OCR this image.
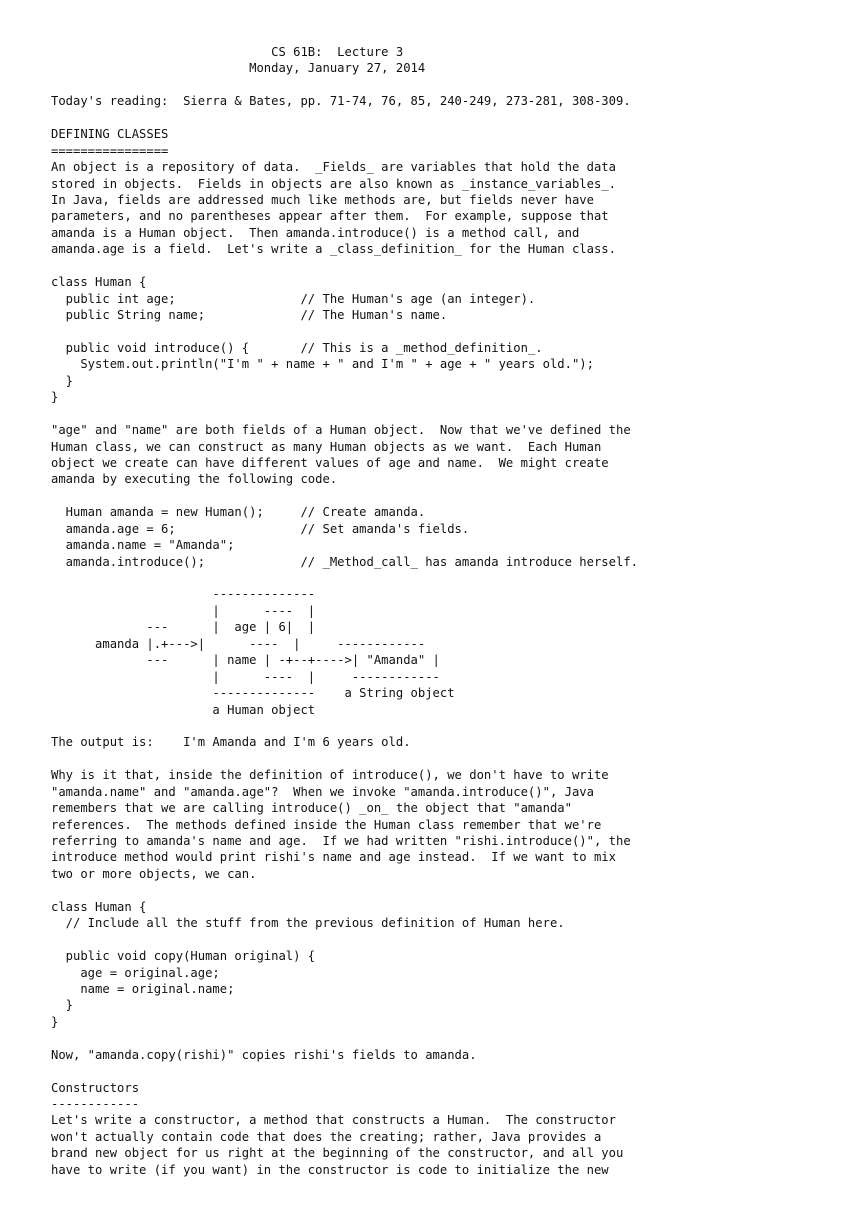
CS 61B:  Lecture 3
Monday, January 27, 2014
Today's reading:  Sierra & Bates, pp. 71-74, 76, 85, 240-249, 273-281, 308-309.
DEFINING CLASSES
================
An object is a repository of data.  _Fields_ are variables that hold the data
stored in objects.  Fields in objects are also known as _instance_variables_.
In Java, fields are addressed much like methods are, but fields never have
parameters, and no parentheses appear after them.  For example, suppose that
amanda is a Human object.  Then amanda.introduce() is a method call, and
amanda.age is a field.  Let's write a _class_definition_ for the Human class.
class Human {
public int age;                 // The Human's age (an integer).
public String name;             // The Human's name.
public void introduce() {       // This is a _method_definition_.
System.out.println("I'm " + name + " and I'm " + age + " years old.");
}
}
"age" and "name" are both fields of a Human object.  Now that we've defined the
Human class, we can construct as many Human objects as we want.  Each Human
object we create can have different values of age and name.  We might create
amanda by executing the following code.
Human amanda = new Human();     // Create amanda.
amanda.age = 6;                 // Set amanda's fields.
amanda.name = "Amanda";
amanda.introduce();             // _Method_call_ has amanda introduce herself.
--------------
|      ----  |
---      |  age | 6|  |
amanda |.+--->|      ----  |     ------------
---      | name | -+--+---->| "Amanda" |
|      ----  |     ------------
--------------    a String object
a Human object
The output is:    I'm Amanda and I'm 6 years old.
Why is it that, inside the definition of introduce(), we don't have to write
"amanda.name" and "amanda.age"?  When we invoke "amanda.introduce()", Java
remembers that we are calling introduce() _on_ the object that "amanda"
references.  The methods defined inside the Human class remember that we're
referring to amanda's name and age.  If we had written "rishi.introduce()", the
introduce method would print rishi's name and age instead.  If we want to mix
two or more objects, we can.
class Human {
// Include all the stuff from the previous definition of Human here.
public void copy(Human original) {
age = original.age;
name = original.name;
}
}
Now, "amanda.copy(rishi)" copies rishi's fields to amanda.
Constructors
------------
Let's write a constructor, a method that constructs a Human.  The constructor
won't actually contain code that does the creating; rather, Java provides a
brand new object for us right at the beginning of the constructor, and all you
have to write (if you want) in the constructor is code to initialize the new
